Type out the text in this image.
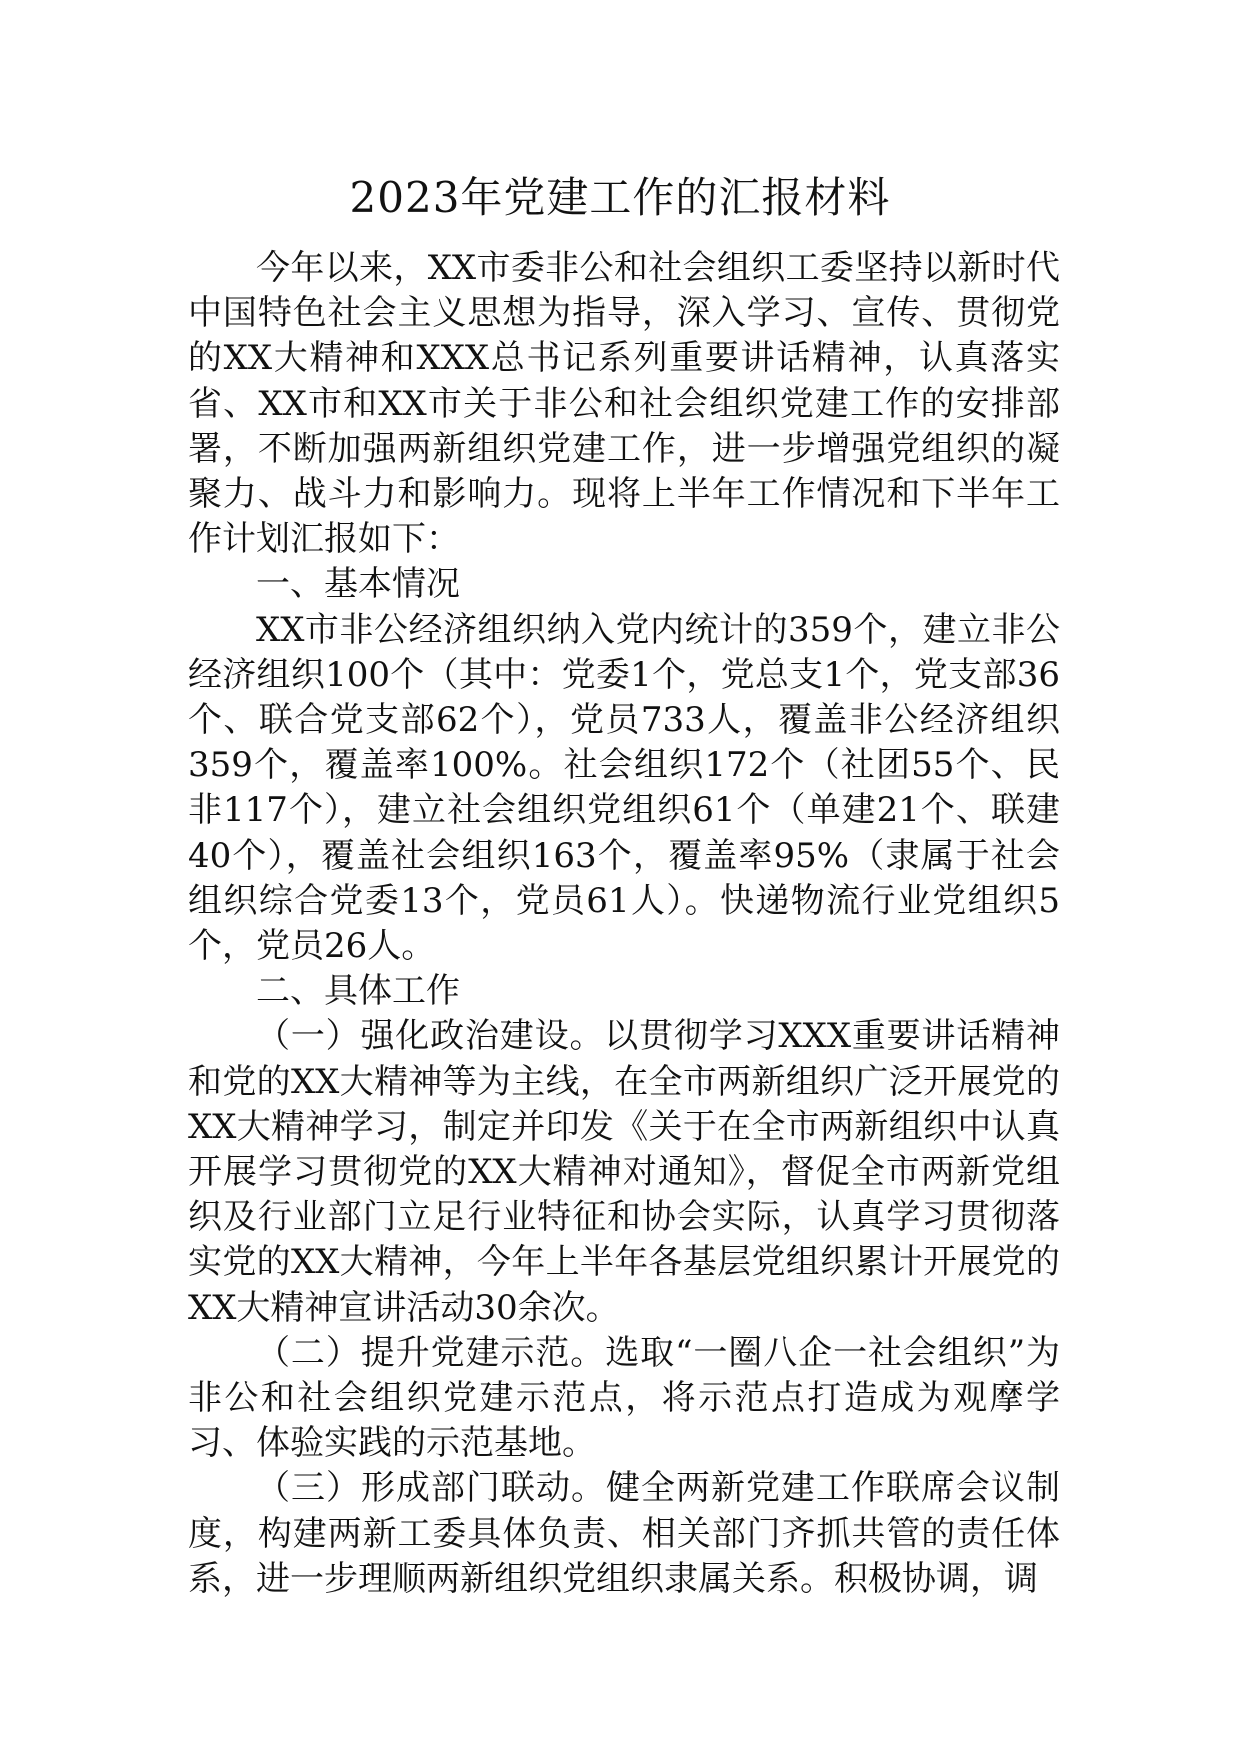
2023年党建工作的汇报材料

今年以来，XX市委非公和社会组织工委坚持以新时代中国特色社会主义思想为指导，深入学习、宣传、贯彻党的XX大精神和XXX总书记系列重要讲话精神，认真落实省、XX市和XX市关于非公和社会组织党建工作的安排部署，不断加强两新组织党建工作，进一步增强党组织的凝聚力、战斗力和影响力。现将上半年工作情况和下半年工作计划汇报如下：

一、基本情况

XX市非公经济组织纳入党内统计的359个，建立非公经济组织100个（其中：党委1个，党总支1个，党支部36个、联合党支部62个），党员733人，覆盖非公经济组织359个，覆盖率100%。社会组织172个（社团55个、民非117个），建立社会组织党组织61个（单建21个、联建40个），覆盖社会组织163个，覆盖率95%（隶属于社会组织综合党委13个，党员61人）。快递物流行业党组织5个，党员26人。

二、具体工作

（一）强化政治建设。以贯彻学习XXX重要讲话精神和党的XX大精神等为主线，在全市两新组织广泛开展党的XX大精神学习，制定并印发《关于在全市两新组织中认真开展学习贯彻党的XX大精神对通知》，督促全市两新党组织及行业部门立足行业特征和协会实际，认真学习贯彻落实党的XX大精神，今年上半年各基层党组织累计开展党的XX大精神宣讲活动30余次。

（二）提升党建示范。选取“一圈八企一社会组织”为非公和社会组织党建示范点，将示范点打造成为观摩学习、体验实践的示范基地。

（三）形成部门联动。健全两新党建工作联席会议制度，构建两新工委具体负责、相关部门齐抓共管的责任体系，进一步理顺两新组织党组织隶属关系。积极协调，调
